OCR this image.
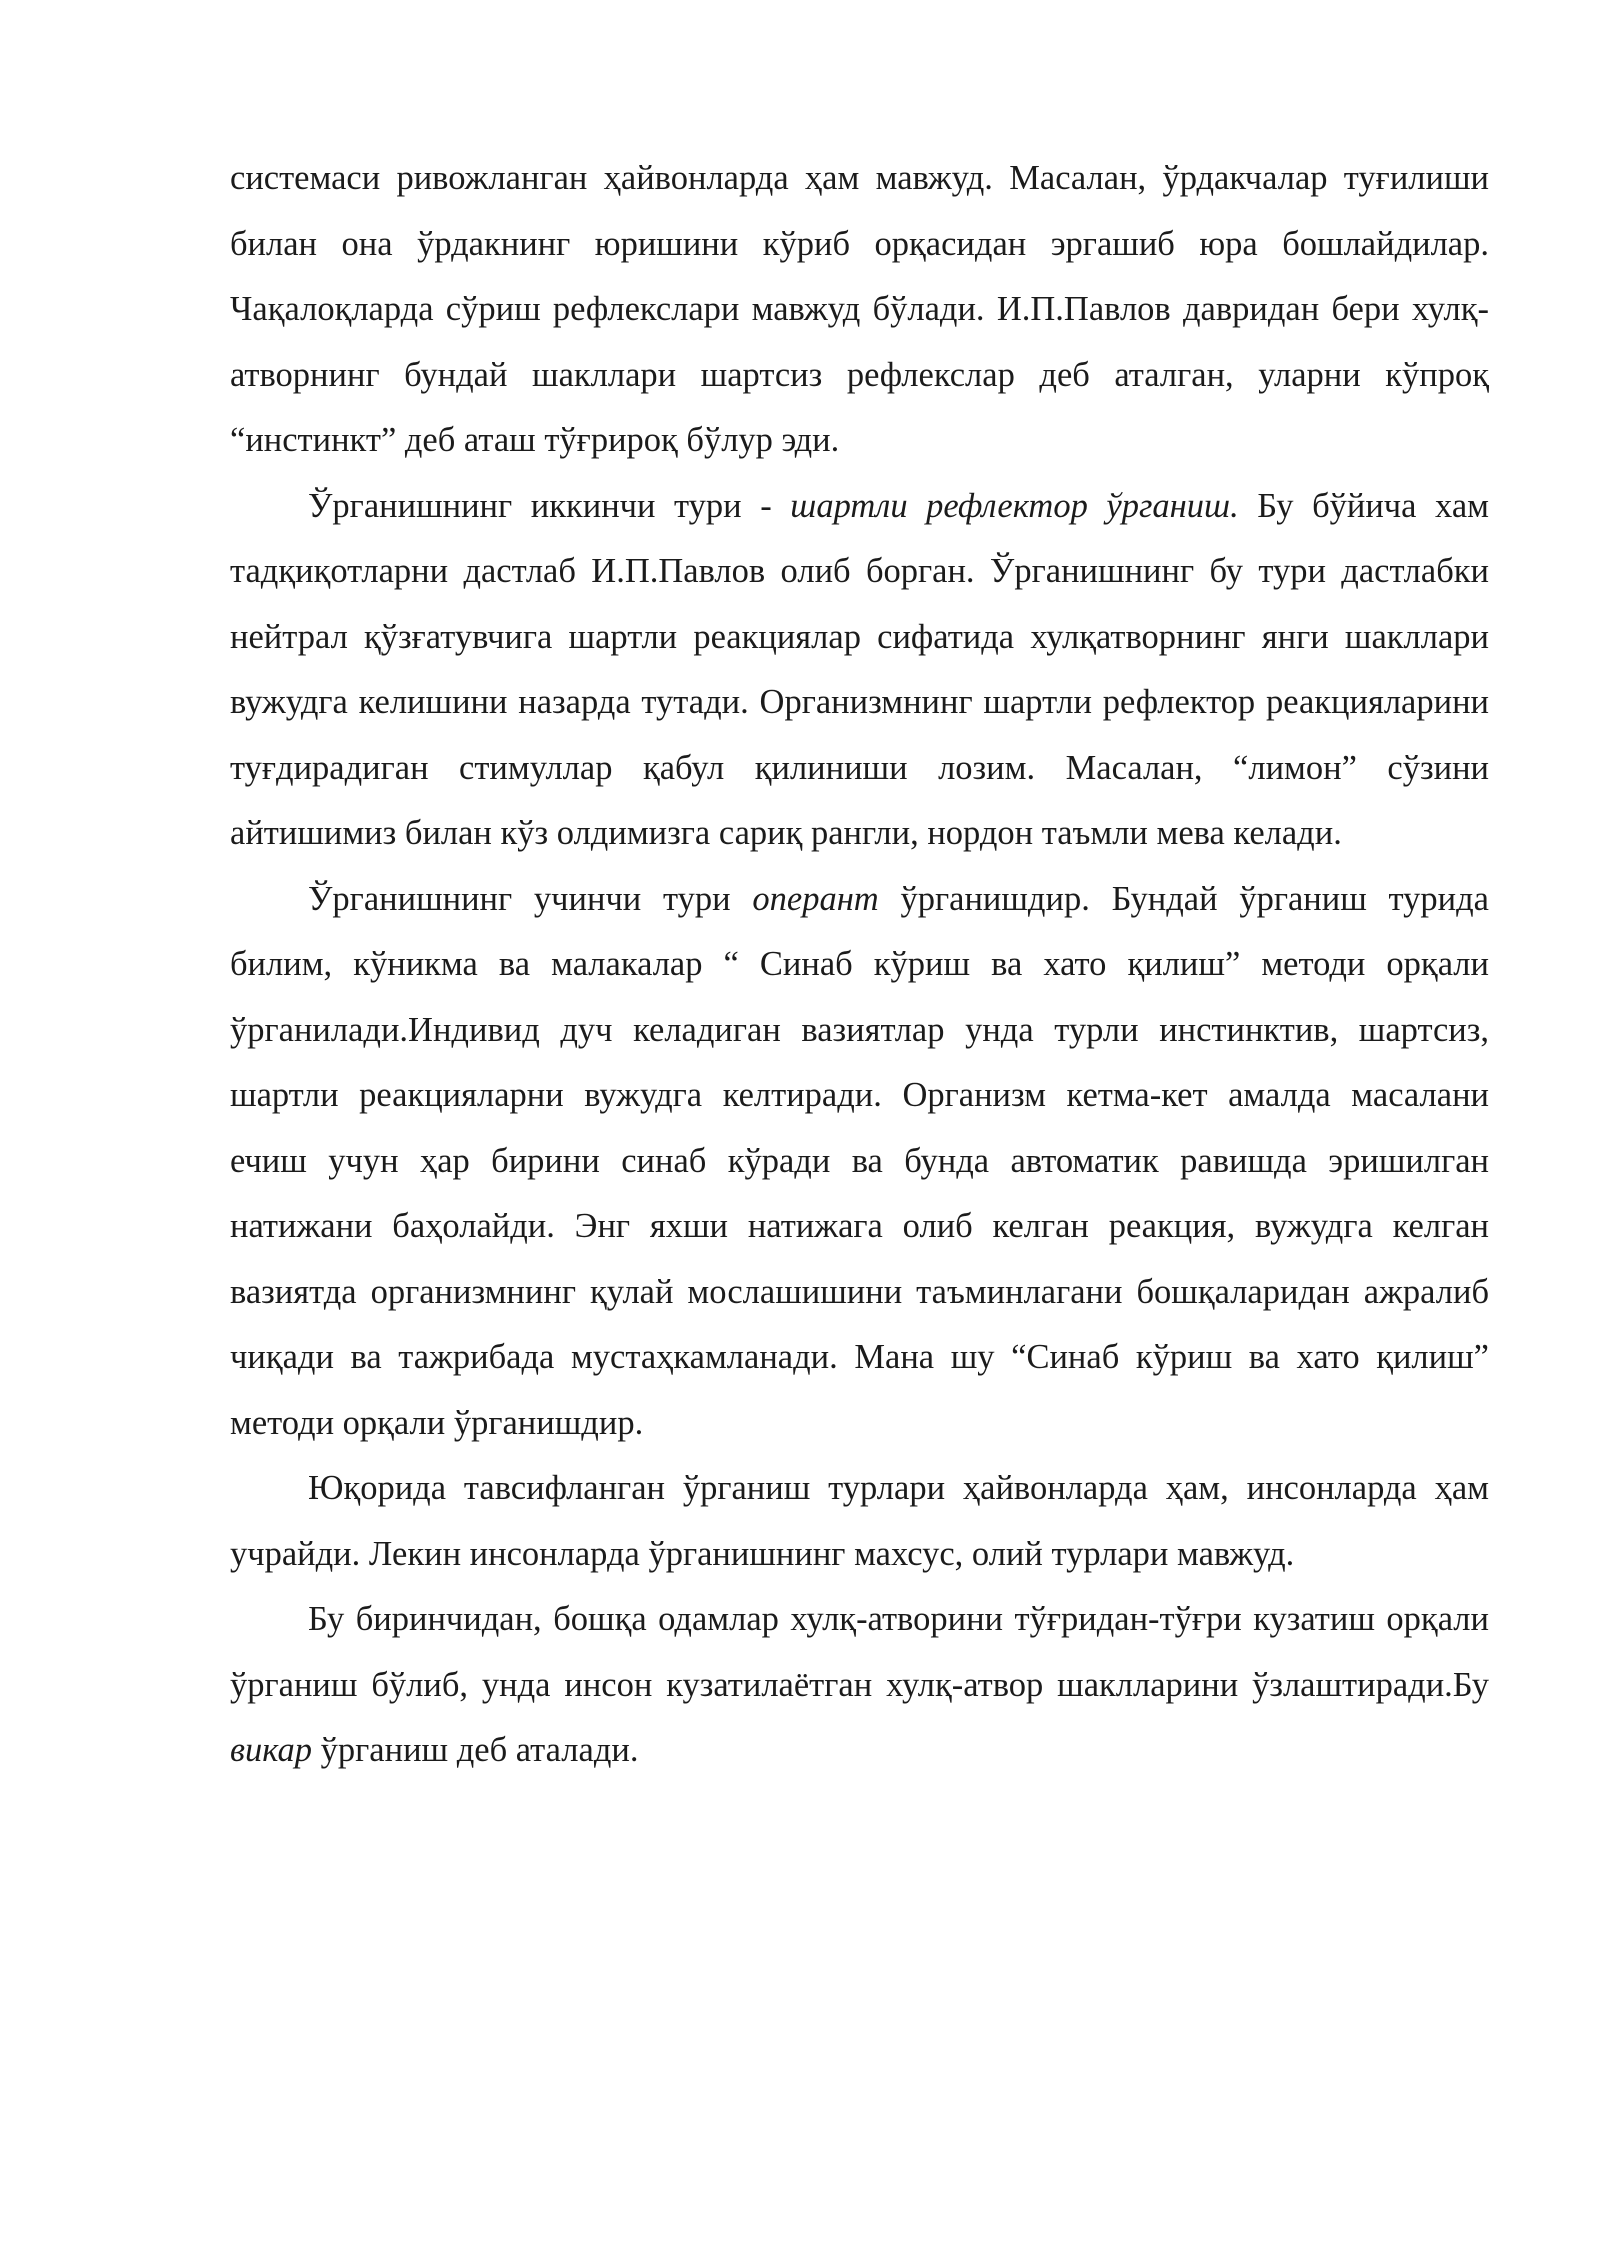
системаси ривожланган ҳайвонларда ҳам мавжуд. Масалан, ўрдакчалар туғилиши билан она ўрдакнинг юришини кўриб орқасидан эргашиб юра бошлайдилар. Чақалоқларда сўриш рефлекслари мавжуд бўлади. И.П.Павлов давридан бери хулқ-атворнинг бундай шакллари шартсиз рефлекслар деб аталган, уларни кўпроқ “инстинкт” деб аташ тўғрироқ бўлур эди.

Ўрганишнинг иккинчи тури - шартли рефлектор ўрганиш. Бу бўйича хам тадқиқотларни дастлаб И.П.Павлов олиб борган. Ўрганишнинг бу тури дастлабки нейтрал қўзғатувчига шартли реакциялар сифатида хулқатворнинг янги шакллари вужудга келишини назарда тутади. Организмнинг шартли рефлектор реакцияларини туғдирадиган стимуллар қабул қилиниши лозим. Масалан, “лимон” сўзини айтишимиз билан кўз олдимизга сариқ рангли, нордон таъмли мева келади.

Ўрганишнинг учинчи тури оперант ўрганишдир. Бундай ўрганиш турида билим, кўникма ва малакалар “ Синаб кўриш ва хато қилиш” методи орқали ўрганилади.Индивид дуч келадиган вазиятлар унда турли инстинктив, шартсиз, шартли реакцияларни вужудга келтиради. Организм кетма-кет амалда масалани ечиш учун ҳар бирини синаб кўради ва бунда автоматик равишда эришилган натижани баҳолайди. Энг яхши натижага олиб келган реакция, вужудга келган вазиятда организмнинг қулай мослашишини таъминлагани бошқаларидан ажралиб чиқади ва тажрибада мустаҳкамланади. Мана шу “Синаб кўриш ва хато қилиш” методи орқали ўрганишдир.

Юқорида тавсифланган ўрганиш турлари ҳайвонларда ҳам, инсонларда ҳам учрайди. Лекин инсонларда ўрганишнинг махсус, олий турлари мавжуд.

Бу биринчидан, бошқа одамлар хулқ-атворини тўғридан-тўғри кузатиш орқали ўрганиш бўлиб, унда инсон кузатилаётган хулқ-атвор шаклларини ўзлаштиради.Бу викар ўрганиш деб аталади.
